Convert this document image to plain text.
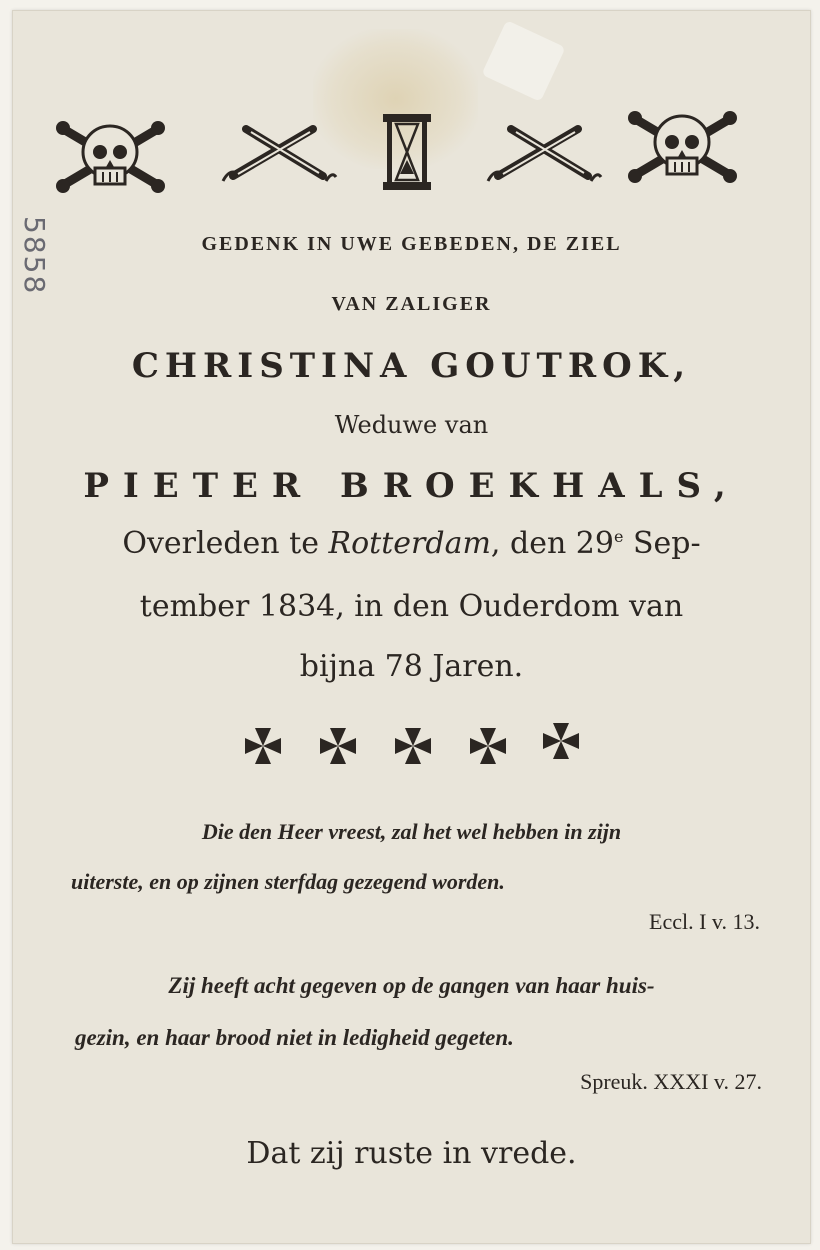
5858	GEDENK IN UWE GEBEDEN, DE ZIEL
VAN ZALIGER
CHRISTINA GOUTROK,
Weduwe van
PIETER BROEKHALS,
Overleden te Rotterdam, den 29e Sep-
tember 1834, in den Ouderdom van
bijna 78 Jaren.
Die den Heer vreest, zal het wel hebben in zijn
uiterste, en op zijnen sterfdag gezegend worden.
Eccl. I v. 13.
Zij heeft acht gegeven op de gangen van haar huis-
gezin, en haar brood niet in ledigheid gegeten.
Spreuk. XXXI v. 27.
Dat zij ruste in vrede.
